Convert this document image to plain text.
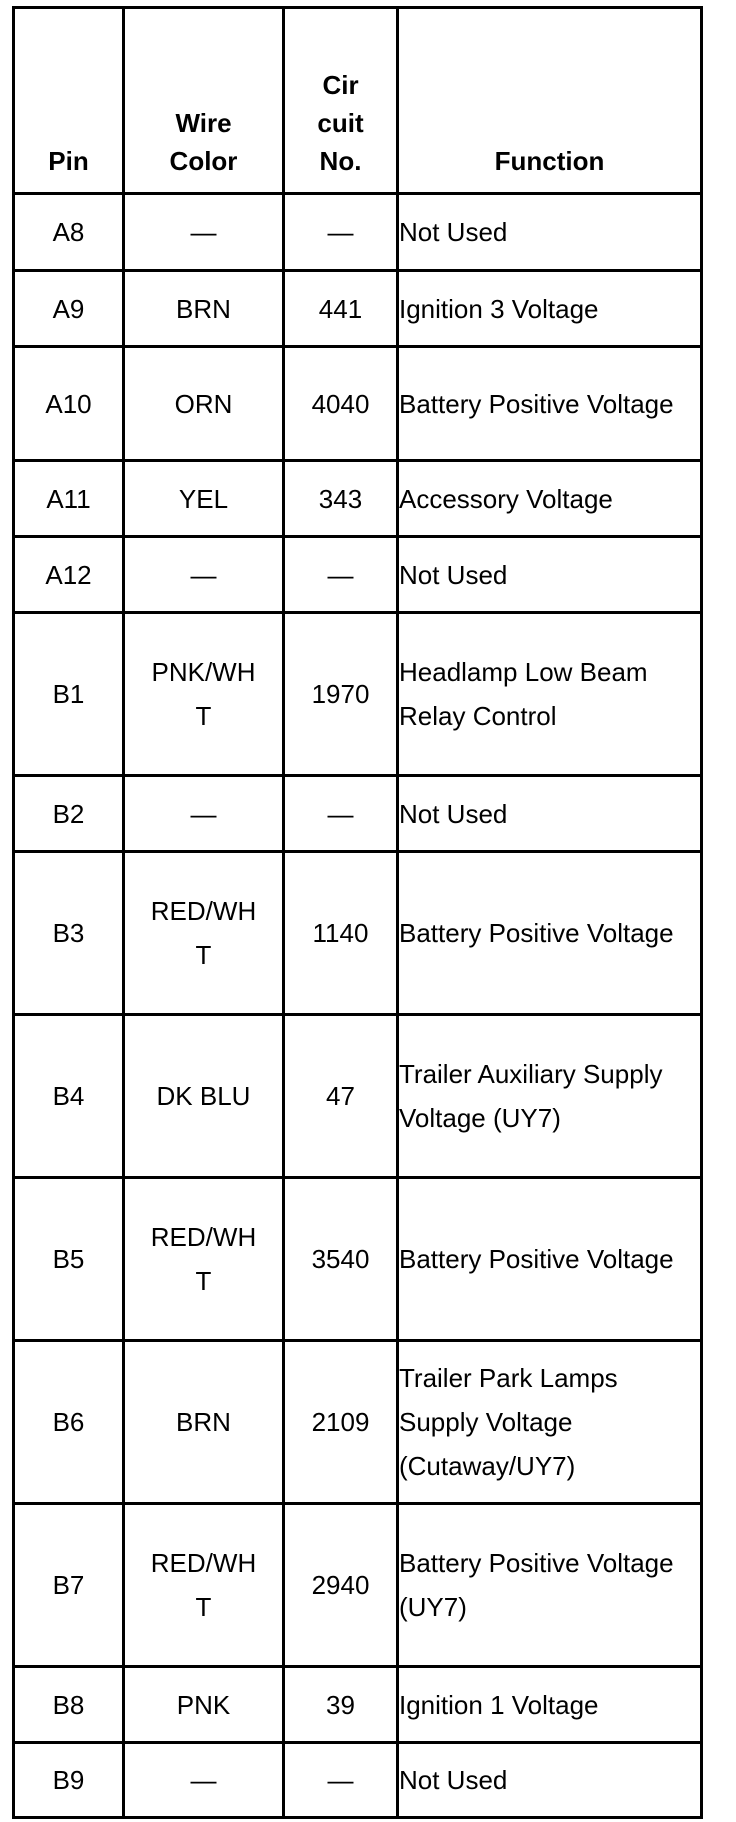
Pin	Wire Color	Circuit No.	Function
A8	—	—	Not Used
A9	BRN	441	Ignition 3 Voltage
A10	ORN	4040	Battery Positive Voltage
A11	YEL	343	Accessory Voltage
A12	—	—	Not Used
B1	PNK/WHT	1970	Headlamp Low Beam Relay Control
B2	—	—	Not Used
B3	RED/WHT	1140	Battery Positive Voltage
B4	DK BLU	47	Trailer Auxiliary Supply Voltage (UY7)
B5	RED/WHT	3540	Battery Positive Voltage
B6	BRN	2109	Trailer Park Lamps Supply Voltage (Cutaway/UY7)
B7	RED/WHT	2940	Battery Positive Voltage (UY7)
B8	PNK	39	Ignition 1 Voltage
B9	—	—	Not Used
